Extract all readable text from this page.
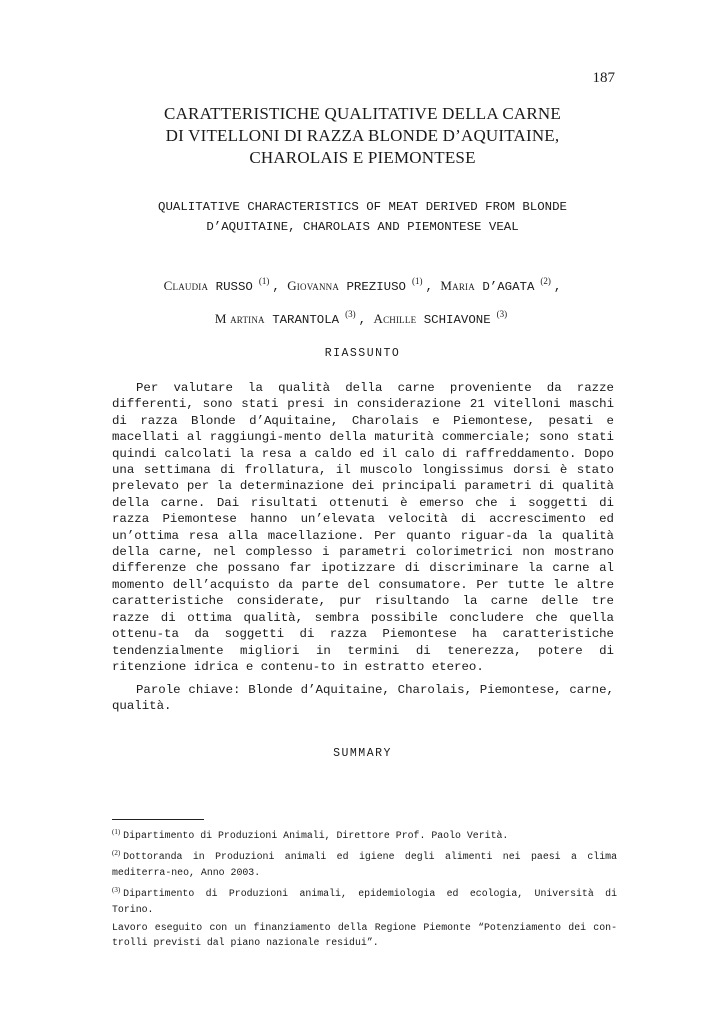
187
CARATTERISTICHE QUALITATIVE DELLA CARNE
DI VITELLONI DI RAZZA BLONDE D’AQUITAINE,
CHAROLAIS E PIEMONTESE
QUALITATIVE CHARACTERISTICS OF MEAT DERIVED FROM BLONDE
D’AQUITAINE, CHAROLAIS AND PIEMONTESE VEAL
Claudia RUSSO $^{(1)}$ , Giovanna PREZIUSO $^{(1)}$ , Maria D’AGATA $^{(2)}$ ,
M artina TARANTOLA $^{(3)}$ , Achille SCHIAVONE $^{(3)}$
RIASSUNTO

Per valutare la qualità della carne proveniente da razze differenti, sono stati presi in considerazione 21 vitelloni maschi di razza Blonde d’Aquitaine, Charolais e Piemontese, pesati e macellati al raggiungi-mento della maturità commerciale; sono stati quindi calcolati la resa a caldo ed il calo di raffreddamento. Dopo una settimana di frollatura, il muscolo longissimus dorsi è stato prelevato per la determinazione dei principali parametri di qualità della carne. Dai risultati ottenuti è emerso che i soggetti di razza Piemontese hanno un’elevata velocità di accrescimento ed un’ottima resa alla macellazione. Per quanto riguar-da la qualità della carne, nel complesso i parametri colorimetrici non mostrano differenze che possano far ipotizzare di discriminare la carne al momento dell’acquisto da parte del consumatore. Per tutte le altre caratteristiche considerate, pur risultando la carne delle tre razze di ottima qualità, sembra possibile concludere che quella ottenu-ta da soggetti di razza Piemontese ha caratteristiche tendenzialmente migliori in termini di tenerezza, potere di ritenzione idrica e contenu-to in estratto etereo.

Parole chiave: Blonde d’Aquitaine, Charolais, Piemontese, carne, qualità.

SUMMARY
$^{(1)}$ Dipartimento di Produzioni Animali, Direttore Prof. Paolo Verità.
$^{(2)}$ Dottoranda in Produzioni animali ed igiene degli alimenti nei paesi a clima mediterra-neo, Anno 2003.
$^{(3)}$ Dipartimento di Produzioni animali, epidemiologia ed ecologia, Università di Torino.
Lavoro eseguito con un finanziamento della Regione Piemonte “Potenziamento dei con-trolli previsti dal piano nazionale residui”.
